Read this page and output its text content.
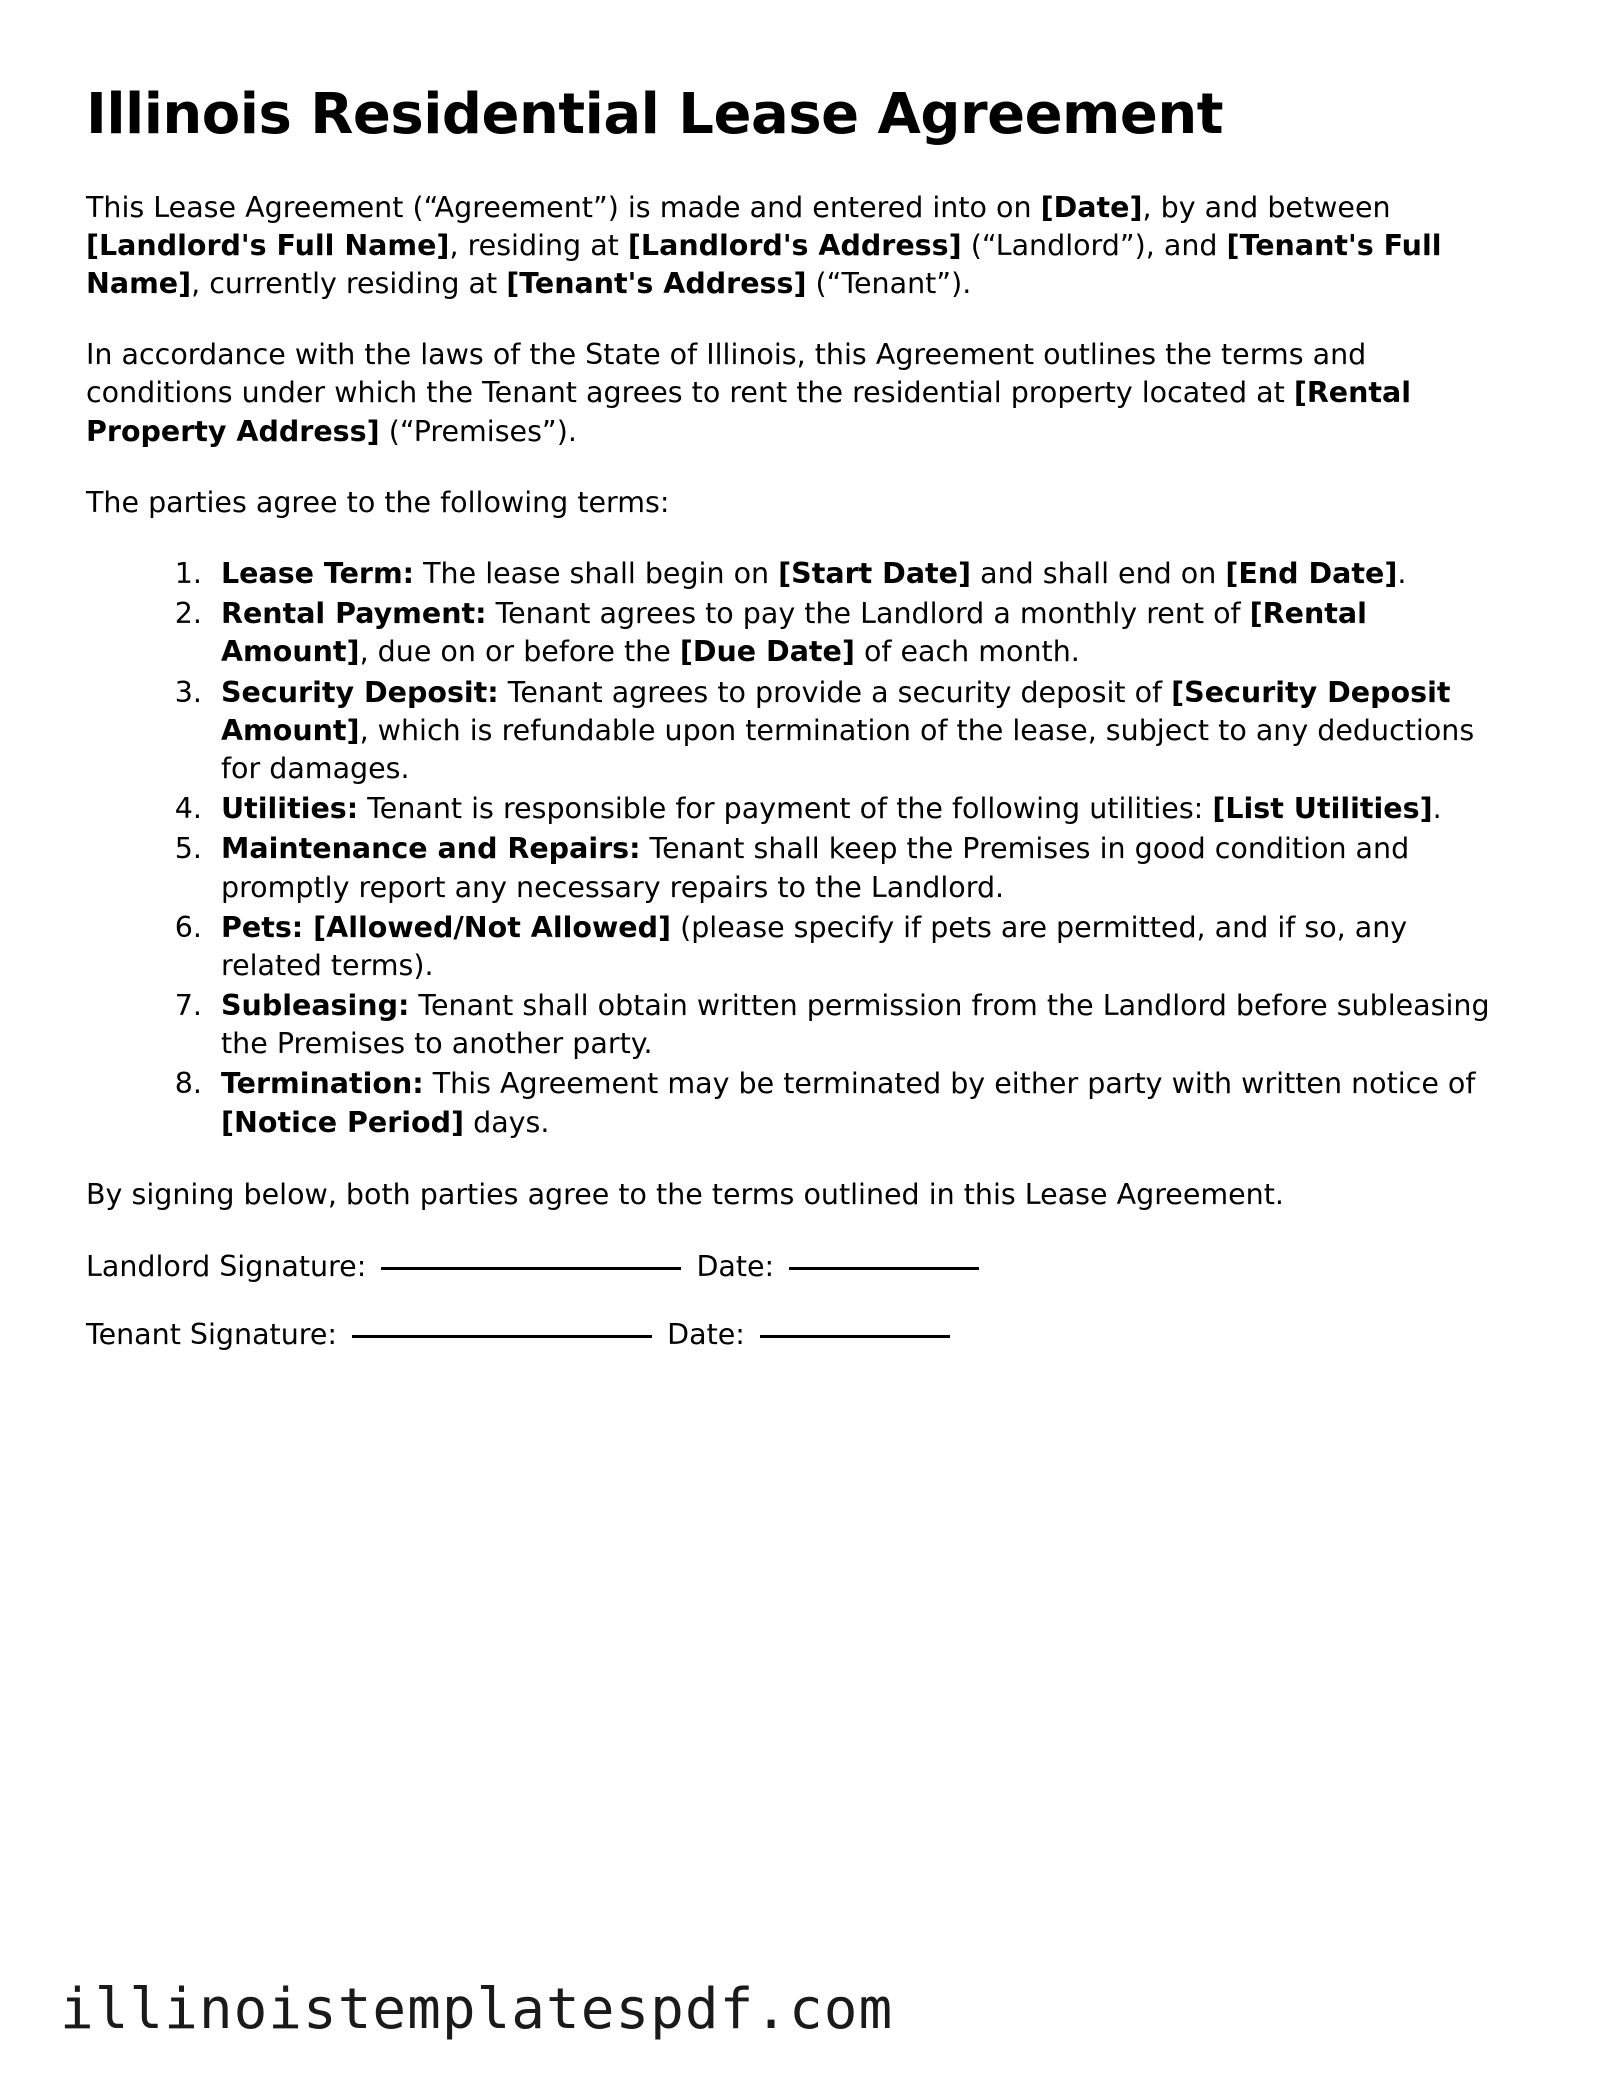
Illinois Residential Lease Agreement

This Lease Agreement (“Agreement”) is made and entered into on [Date], by and between [Landlord's Full Name], residing at [Landlord's Address] (“Landlord”), and [Tenant's Full Name], currently residing at [Tenant's Address] (“Tenant”).

In accordance with the laws of the State of Illinois, this Agreement outlines the terms and conditions under which the Tenant agrees to rent the residential property located at [Rental Property Address] (“Premises”).

The parties agree to the following terms:

1. Lease Term: The lease shall begin on [Start Date] and shall end on [End Date].
2. Rental Payment: Tenant agrees to pay the Landlord a monthly rent of [Rental Amount], due on or before the [Due Date] of each month.
3. Security Deposit: Tenant agrees to provide a security deposit of [Security Deposit Amount], which is refundable upon termination of the lease, subject to any deductions for damages.
4. Utilities: Tenant is responsible for payment of the following utilities: [List Utilities].
5. Maintenance and Repairs: Tenant shall keep the Premises in good condition and promptly report any necessary repairs to the Landlord.
6. Pets: [Allowed/Not Allowed] (please specify if pets are permitted, and if so, any related terms).
7. Subleasing: Tenant shall obtain written permission from the Landlord before subleasing the Premises to another party.
8. Termination: This Agreement may be terminated by either party with written notice of [Notice Period] days.

By signing below, both parties agree to the terms outlined in this Lease Agreement.

Landlord Signature:	Date:
Tenant Signature:	Date:
illinoistemplatespdf.com
